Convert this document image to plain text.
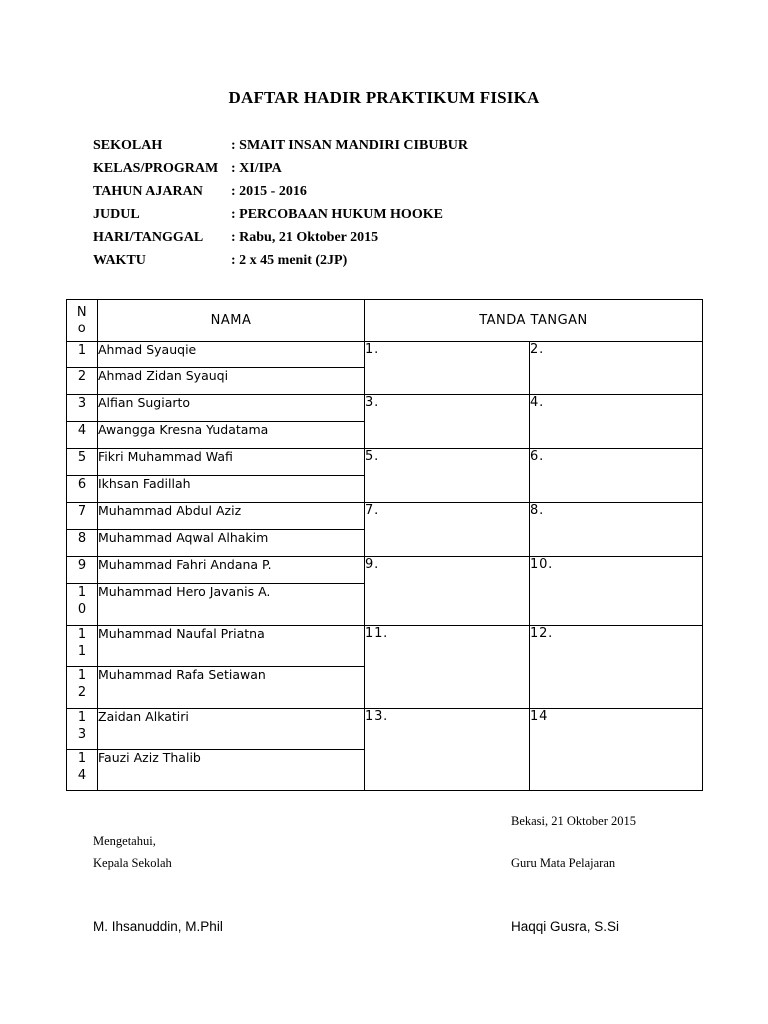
DAFTAR HADIR PRAKTIKUM FISIKA
SEKOLAH	: SMAIT INSAN MANDIRI CIBUBUR
KELAS/PROGRAM : XI/IPA
TAHUN AJARAN : 2015 - 2016
JUDUL	: PERCOBAAN HUKUM HOOKE
HARI/TANGGAL : Rabu, 21 Oktober 2015
WAKTU	: 2 x 45 menit (2JP)
N
o	NAMA	TANDA TANGAN	
1	Ahmad Syauqie	1.	2.
2	Ahmad Zidan Syauqi		
3	Alfian Sugiarto	3.	4.
4	Awangga Kresna Yudatama		
5	Fikri Muhammad Wafi	5.	6.
6	Ikhsan Fadillah		
7	Muhammad Abdul Aziz	7.	8.
8	Muhammad Aqwal Alhakim		
9	Muhammad Fahri Andana P.	9.	10.
1
0	Muhammad Hero Javanis A.		
1
1	Muhammad Naufal Priatna	11.	12.
1
2	Muhammad Rafa Setiawan		
1
3	Zaidan Alkatiri	13.	14
1
4	Fauzi Aziz Thalib		
Bekasi, 21 Oktober 2015
Mengetahui,
Kepala Sekolah	Guru Mata Pelajaran
M. Ihsanuddin, M.Phil	Haqqi Gusra, S.Si
